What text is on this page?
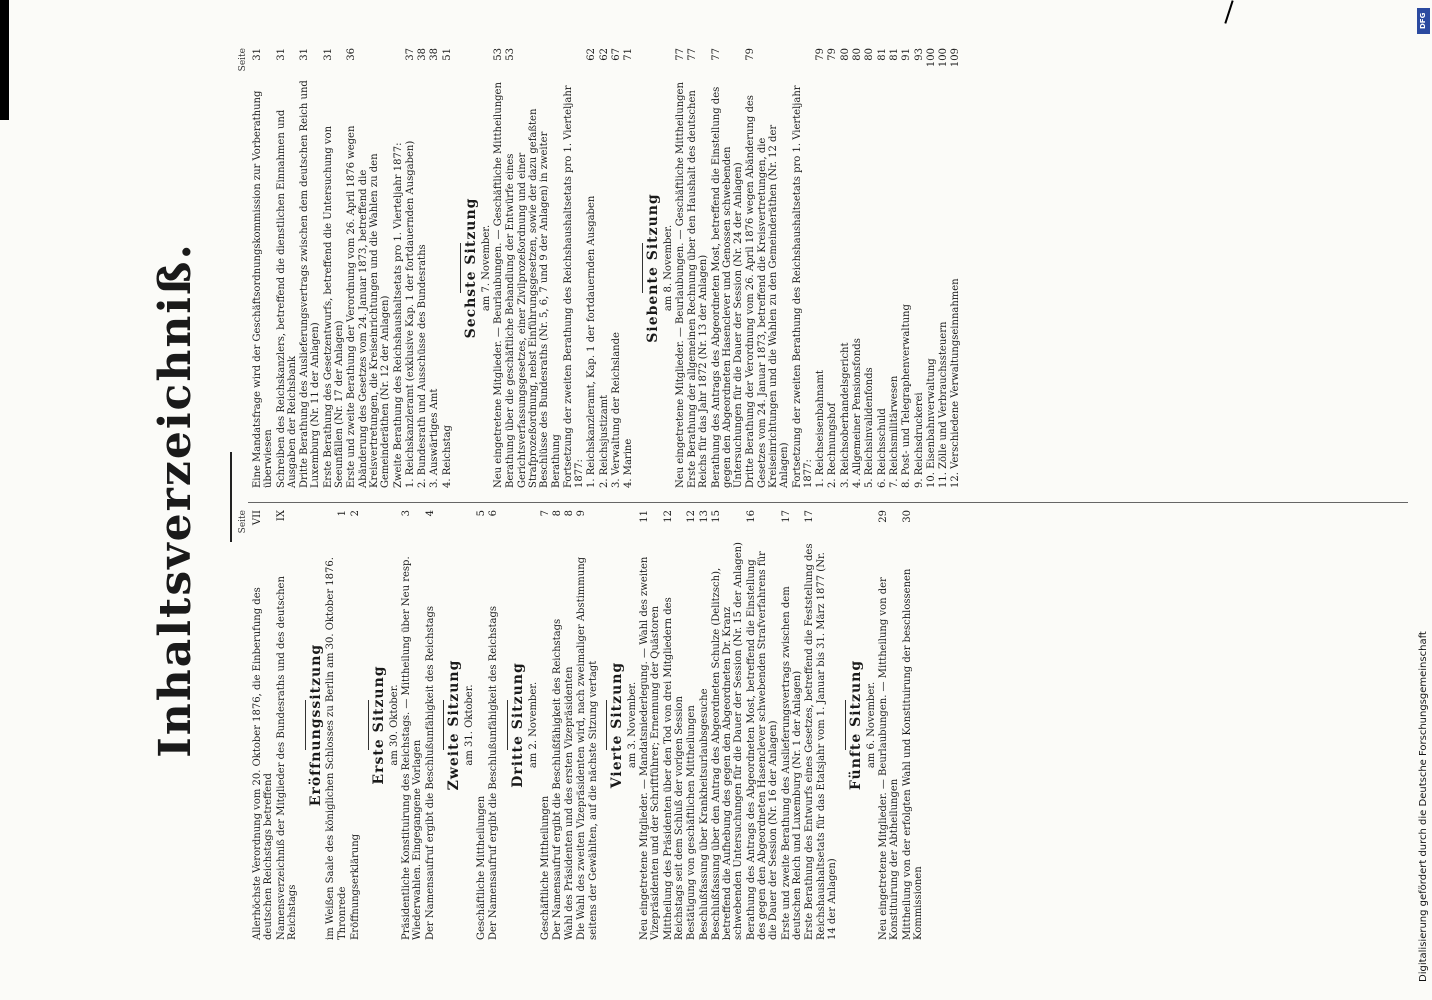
Inhaltsverzeichniß.	Seite
Allerhöchste Verordnung vom 20. Oktober 1876, die Einberufung des deutschen Reichstags betreffend
VII
Namensverzeichniß der Mitglieder des Bundesraths und des deutschen Reichstags
IX
Eröffnungssitzung im Weißen Saale des königlichen Schlosses zu Berlin am 30. Oktober 1876. Thronrede
1
Eröffnungserklärung
2
Erste Sitzung am 30. Oktober. Präsidentliche Konstituirung des Reichstags. — Mittheilung über Neu resp. Wiederwahlen. Eingegangene Vorlagen
3
Der Namensaufruf ergibt die Beschlußunfähigkeit des Reichstags
4
Zweite Sitzung am 31. Oktober.
Geschäftliche Mittheilungen
5
Der Namensaufruf ergibt die Beschlußunfähigkeit des Reichstags
6
Dritte Sitzung am 2. November.
Geschäftliche Mittheilungen
7
Der Namensaufruf ergibt die Beschlußfähigkeit des Reichstags
8
Wahl des Präsidenten und des ersten Vizepräsidenten
8
Die Wahl des zweiten Vizepräsidenten wird, nach zweimaliger Abstimmung seitens der Gewählten, auf die nächste Sitzung vertagt
9
Vierte Sitzung am 3. November. Neu eingetretene Mitglieder. — Mandatsniederlegung. — Wahl des zweiten Vizepräsidenten und der Schriftführer; Ernennung der Quästoren
11
Mittheilung des Präsidenten über den Tod von drei Mitgliedern des Reichstags seit dem Schluß der vorigen Session
12
Bestätigung von geschäftlichen Mittheilungen
12
Beschlußfassung über Krankheitsurlaubsgesuche
13
Beschlußfassung über den Antrag des Abgeordneten Schulze (Delitzsch), betreffend die Aufhebung des gegen den Abgeordneten Dr. Kranz schwebenden Untersuchungen für die Dauer der Session (Nr. 15 der Anlagen)
15
Berathung des Antrags des Abgeordneten Most, betreffend die Einstellung des gegen den Abgeordneten Hasenclever schwebenden Strafverfahrens für die Dauer der Session (Nr. 16 der Anlagen)
16
Erste und zweite Berathung des Auslieferungsvertrags zwischen dem deutschen Reich und Luxemburg (Nr. 1 der Anlagen)
17
Erste Berathung des Entwurfs eines Gesetzes, betreffend die Feststellung des Reichshaushaltsetats für das Etatsjahr vom 1. Januar bis 31. März 1877 (Nr. 14 der Anlagen)
17
Fünfte Sitzung am 6. November. Neu eingetretene Mitglieder. — Beurlaubungen. — Mittheilung von der Konstituirung der Abtheilungen
29
Mittheilung von der erfolgten Wahl und Konstituirung der beschlossenen Kommissionen
30
Seite
Eine Mandatsfrage wird der Geschäftsordnungskommission zur Vorberathung überwiesen
31
Schreiben des Reichskanzlers, betreffend die dienstlichen Einnahmen und Ausgaben der Reichsbank
31
Dritte Berathung des Auslieferungsvertrags zwischen dem deutschen Reich und Luxemburg (Nr. 11 der Anlagen)
31
Erste Berathung des Gesetzentwurfs, betreffend die Untersuchung von Seeunfällen (Nr. 17 der Anlagen)
31
Erste und zweite Berathung der Verordnung vom 26. April 1876 wegen Abänderung des Gesetzes vom 24. Januar 1873, betreffend die Kreisvertretungen, die Kreiseinrichtungen und die Wahlen zu den Gemeinderäthen (Nr. 12 der Anlagen)
36
Zweite Berathung des Reichshaushaltsetats pro 1. Vierteljahr 1877: 1. Reichskanzleramt (exklusive Kap. 1 der fortdauernden Ausgaben)
37
2. Bundesrath und Ausschüsse des Bundesraths
38
3. Auswärtiges Amt
38
4. Reichstag
51
Sechste Sitzung am 7. November. Neu eingetretene Mitglieder. — Beurlaubungen. — Geschäftliche Mittheilungen
53
Berathung über die geschäftliche Behandlung der Entwürfe eines Gerichtsverfassungsgesetzes, einer Zivilprozeßordnung und einer Strafprozeßordnung, nebst Einführungsgesetzen, sowie der dazu gefaßten Beschlüsse des Bundesraths (Nr. 5, 6, 7 und 9 der Anlagen) in zweiter Berathung
53
Fortsetzung der zweiten Berathung des Reichshaushaltsetats pro 1. Vierteljahr 1877: 1. Reichskanzleramt, Kap. 1 der fortdauernden Ausgaben
62
2. Reichsjustizamt
62
3. Verwaltung der Reichslande
67
4. Marine
71
Siebente Sitzung am 8. November. Neu eingetretene Mitglieder. — Beurlaubungen. — Geschäftliche Mittheilungen
77
Erste Berathung der allgemeinen Rechnung über den Haushalt des deutschen Reichs für das Jahr 1872 (Nr. 13 der Anlagen)
77
Berathung des Antrags des Abgeordneten Most, betreffend die Einstellung des gegen den Abgeordneten Hasenclever und Genossen schwebenden Untersuchungen für die Dauer der Session (Nr. 24 der Anlagen)
77
Dritte Berathung der Verordnung vom 26. April 1876 wegen Abänderung des Gesetzes vom 24. Januar 1873, betreffend die Kreisvertretungen, die Kreiseinrichtungen und die Wahlen zu den Gemeinderäthen (Nr. 12 der Anlagen)
79
Fortsetzung der zweiten Berathung des Reichshaushaltsetats pro 1. Vierteljahr 1877: 1. Reichseisenbahnamt
79
2. Rechnungshof
79
3. Reichsoberhandelsgericht
80
4. Allgemeiner Pensionsfonds
80
5. Reichsinvalidenfonds
80
6. Reichsschuld
81
7. Reichsmilitärwesen
81
8. Post- und Telegraphenverwaltung
91
9. Reichsdruckerei
93
10. Eisenbahnverwaltung
100
11. Zölle und Verbrauchssteuern
100
12. Verschiedene Verwaltungseinnahmen
109
DFG
Digitalisierung gefördert durch die Deutsche Forschungsgemeinschaft
